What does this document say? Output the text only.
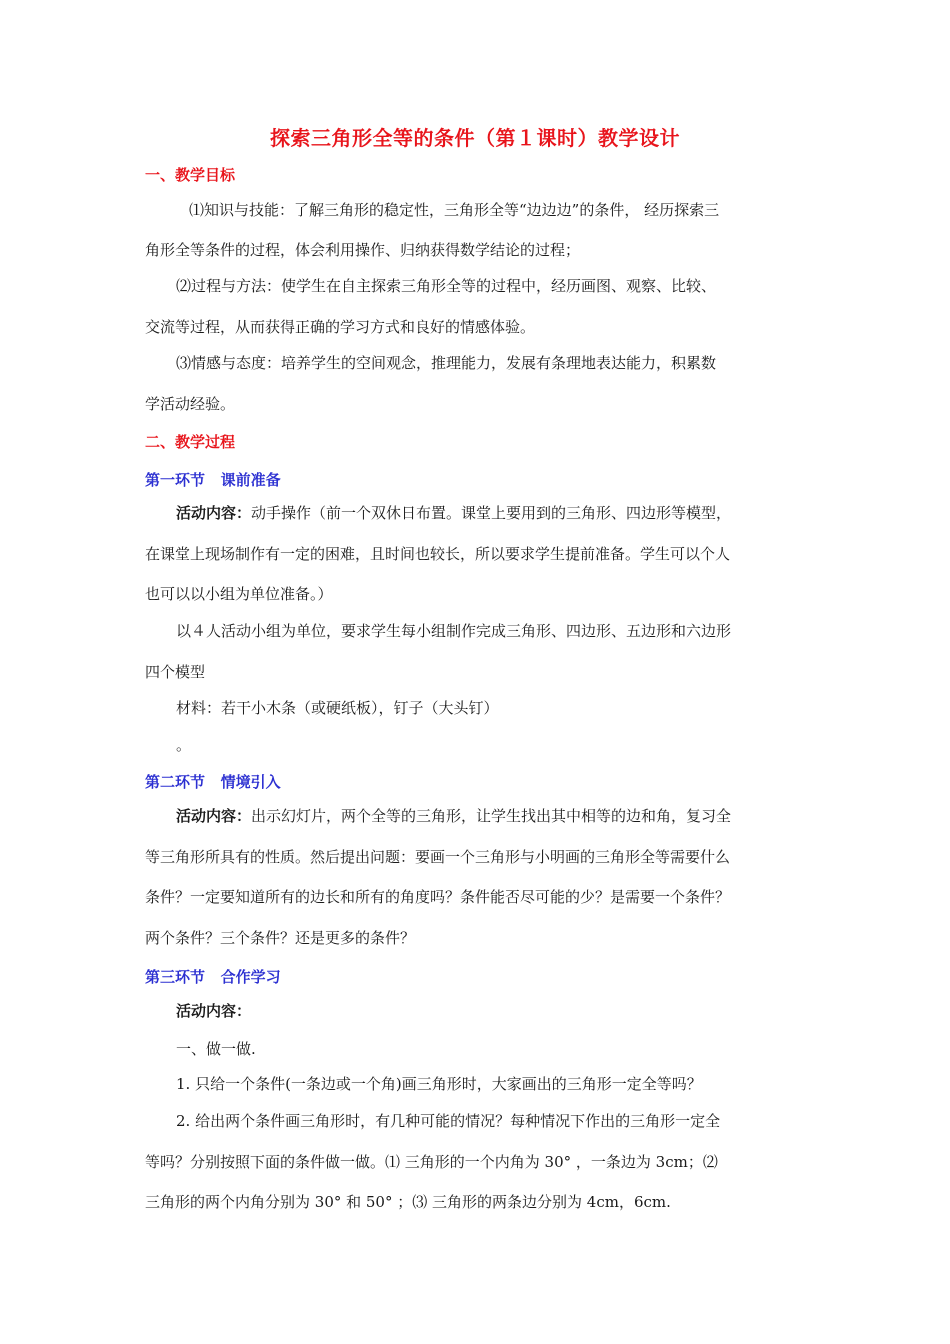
探索三角形全等的条件（第１课时）教学设计
一、教学目标
⑴知识与技能：了解三角形的稳定性，三角形全等“边边边”的条件， 经历探索三
角形全等条件的过程，体会利用操作、归纳获得数学结论的过程；
⑵过程与方法：使学生在自主探索三角形全等的过程中，经历画图、观察、比较、
交流等过程，从而获得正确的学习方式和良好的情感体验。
⑶情感与态度：培养学生的空间观念，推理能力，发展有条理地表达能力，积累数
学活动经验。
二、教学过程
第一环节   课前准备
活动内容：动手操作（前一个双休日布置。课堂上要用到的三角形、四边形等模型，
在课堂上现场制作有一定的困难，且时间也较长，所以要求学生提前准备。学生可以个人
也可以以小组为单位准备。）
以４人活动小组为单位，要求学生每小组制作完成三角形、四边形、五边形和六边形
四个模型
材料：若干小木条（或硬纸板），钉子（大头钉）
。
第二环节   情境引入
活动内容：出示幻灯片，两个全等的三角形，让学生找出其中相等的边和角，复习全
等三角形所具有的性质。然后提出问题：要画一个三角形与小明画的三角形全等需要什么
条件？一定要知道所有的边长和所有的角度吗？条件能否尽可能的少？是需要一个条件？
两个条件？三个条件？还是更多的条件？
第三环节   合作学习
活动内容：
一、做一做.
1. 只给一个条件(一条边或一个角)画三角形时，大家画出的三角形一定全等吗？
2. 给出两个条件画三角形时，有几种可能的情况？每种情况下作出的三角形一定全
等吗？分别按照下面的条件做一做。⑴ 三角形的一个内角为 30° ，一条边为 3cm；⑵
三角形的两个内角分别为 30° 和 50° ；⑶ 三角形的两条边分别为 4cm，6cm.
